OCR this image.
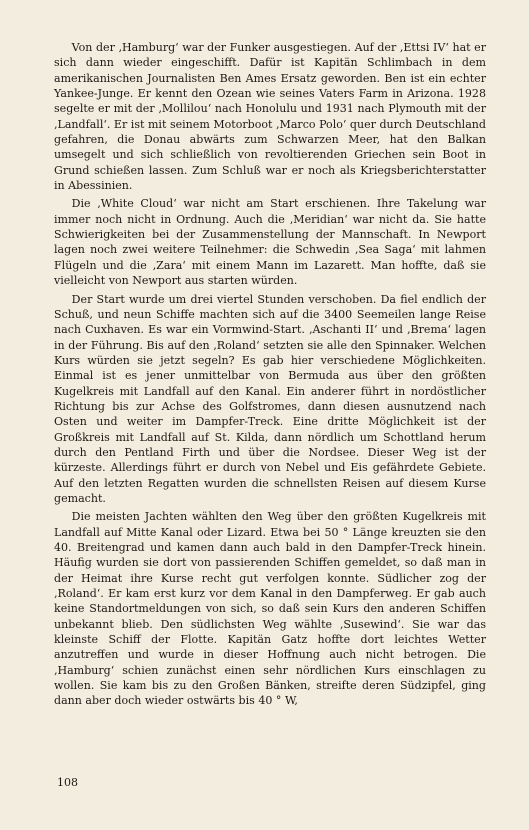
Von der ‚Hamburg‘ war der Funker ausgestiegen. Auf der ‚Ettsi IV‘ hat er sich dann wieder eingeschifft. Dafür ist Kapitän Schlimbach in dem amerikanischen Journalisten Ben Ames Ersatz geworden. Ben ist ein echter Yankee-Junge. Er kennt den Ozean wie seines Vaters Farm in Arizona. 1928 segelte er mit der ‚Mollilou‘ nach Honolulu und 1931 nach Plymouth mit der ‚Landfall‘. Er ist mit seinem Motorboot ‚Marco Polo‘ quer durch Deutschland gefahren, die Donau abwärts zum Schwarzen Meer, hat den Balkan umsegelt und sich schließlich von revoltierenden Griechen sein Boot in Grund schießen lassen. Zum Schluß war er noch als Kriegsberichterstatter in Abessinien.

Die ‚White Cloud‘ war nicht am Start erschienen. Ihre Takelung war immer noch nicht in Ordnung. Auch die ‚Meridian‘ war nicht da. Sie hatte Schwierigkeiten bei der Zusammenstellung der Mannschaft. In Newport lagen noch zwei weitere Teilnehmer: die Schwedin ‚Sea Saga‘ mit lahmen Flügeln und die ‚Zara‘ mit einem Mann im Lazarett. Man hoffte, daß sie vielleicht von Newport aus starten würden.

Der Start wurde um drei viertel Stunden verschoben. Da fiel endlich der Schuß, und neun Schiffe machten sich auf die 3400 Seemeilen lange Reise nach Cuxhaven. Es war ein Vormwind-Start. ‚Aschanti II‘ und ‚Brema‘ lagen in der Führung. Bis auf den ‚Roland‘ setzten sie alle den Spinnaker. Welchen Kurs würden sie jetzt segeln? Es gab hier verschiedene Möglichkeiten. Einmal ist es jener unmittelbar von Bermuda aus über den größten Kugelkreis mit Landfall auf den Kanal. Ein anderer führt in nordöstlicher Richtung bis zur Achse des Golfstromes, dann diesen ausnutzend nach Osten und weiter im Dampfer-Treck. Eine dritte Möglichkeit ist der Großkreis mit Landfall auf St. Kilda, dann nördlich um Schottland herum durch den Pentland Firth und über die Nordsee. Dieser Weg ist der kürzeste. Allerdings führt er durch von Nebel und Eis gefährdete Gebiete. Auf den letzten Regatten wurden die schnellsten Reisen auf diesem Kurse gemacht.

Die meisten Jachten wählten den Weg über den größten Kugelkreis mit Landfall auf Mitte Kanal oder Lizard. Etwa bei 50 ° Länge kreuzten sie den 40. Breitengrad und kamen dann auch bald in den Dampfer-Treck hinein. Häufig wurden sie dort von passierenden Schiffen gemeldet, so daß man in der Heimat ihre Kurse recht gut verfolgen konnte. Südlicher zog der ‚Roland‘. Er kam erst kurz vor dem Kanal in den Dampferweg. Er gab auch keine Standortmeldungen von sich, so daß sein Kurs den anderen Schiffen unbekannt blieb. Den südlichsten Weg wählte ‚Susewind‘. Sie war das kleinste Schiff der Flotte. Kapitän Gatz hoffte dort leichtes Wetter anzutreffen und wurde in dieser Hoffnung auch nicht betrogen. Die ‚Hamburg‘ schien zunächst einen sehr nördlichen Kurs einschlagen zu wollen. Sie kam bis zu den Großen Bänken, streifte deren Südzipfel, ging dann aber doch wieder ostwärts bis 40 ° W,

108
